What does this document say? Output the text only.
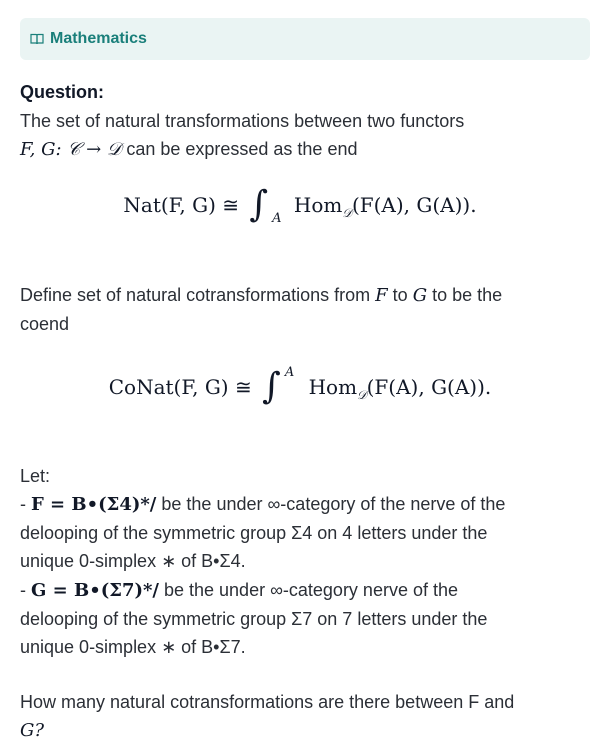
Mathematics
Question:
The set of natural transformations between two functors
F, G: 𝒞 → 𝒟 can be expressed as the end
Nat(F, G) ≅ ∫ $_A$ Hom$_𝒟$(F(A), G(A)).
Define set of natural cotransformations from F to G to be the
coend
CoNat(F, G) ≅ ∫ $^A$ Hom$_𝒟$(F(A), G(A)).
Let:
- F = B•(Σ4)*/ be the under ∞-category of the nerve of the
delooping of the symmetric group Σ4 on 4 letters under the
unique 0-simplex ∗ of B•Σ4.
- G = B•(Σ7)*/ be the under ∞-category nerve of the
delooping of the symmetric group Σ7 on 7 letters under the
unique 0-simplex ∗ of B•Σ7.
How many natural cotransformations are there between F and
G?
